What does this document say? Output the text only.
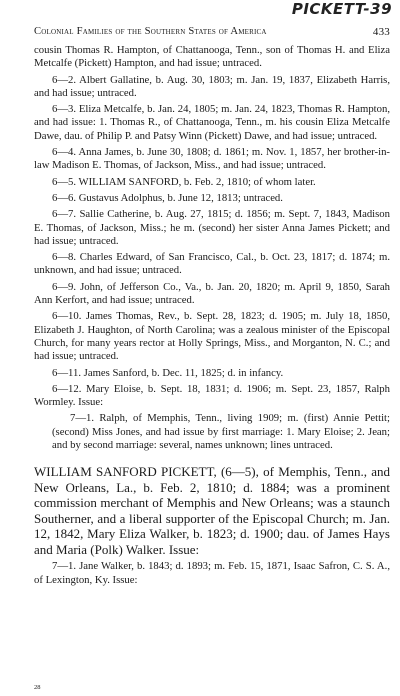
PICKETT-39
Colonial Families of the Southern States of America	433

cousin Thomas R. Hampton, of Chattanooga, Tenn., son of Thomas H. and Eliza Metcalfe (Pickett) Hampton, and had issue; untraced.

6—2. Albert Gallatine, b. Aug. 30, 1803; m. Jan. 19, 1837, Elizabeth Harris, and had issue; untraced.

6—3. Eliza Metcalfe, b. Jan. 24, 1805; m. Jan. 24, 1823, Thomas R. Hampton, and had issue: 1. Thomas R., of Chattanooga, Tenn., m. his cousin Eliza Metcalfe Dawe, dau. of Philip P. and Patsy Winn (Pickett) Dawe, and had issue; untraced.

6—4. Anna James, b. June 30, 1808; d. 1861; m. Nov. 1, 1857, her brother-in-law Madison E. Thomas, of Jackson, Miss., and had issue; untraced.

6—5. WILLIAM SANFORD, b. Feb. 2, 1810; of whom later.

6—6. Gustavus Adolphus, b. June 12, 1813; untraced.

6—7. Sallie Catherine, b. Aug. 27, 1815; d. 1856; m. Sept. 7, 1843, Madison E. Thomas, of Jackson, Miss.; he m. (second) her sister Anna James Pickett; and had issue; untraced.

6—8. Charles Edward, of San Francisco, Cal., b. Oct. 23, 1817; d. 1874; m. unknown, and had issue; untraced.

6—9. John, of Jefferson Co., Va., b. Jan. 20, 1820; m. April 9, 1850, Sarah Ann Kerfort, and had issue; untraced.

6—10. James Thomas, Rev., b. Sept. 28, 1823; d. 1905; m. July 18, 1850, Elizabeth J. Haughton, of North Carolina; was a zealous minister of the Episcopal Church, for many years rector at Holly Springs, Miss., and Morganton, N. C.; and had issue; untraced.

6—11. James Sanford, b. Dec. 11, 1825; d. in infancy.

6—12. Mary Eloise, b. Sept. 18, 1831; d. 1906; m. Sept. 23, 1857, Ralph Wormley. Issue:

7—1. Ralph, of Memphis, Tenn., living 1909; m. (first) Annie Pettit; (second) Miss Jones, and had issue by first marriage: 1. Mary Eloise; 2. Jean; and by second marriage: several, names unknown; lines untraced.

WILLIAM SANFORD PICKETT, (6—5), of Memphis, Tenn., and New Orleans, La., b. Feb. 2, 1810; d. 1884; was a prominent commission merchant of Memphis and New Orleans; was a staunch Southerner, and a liberal supporter of the Episcopal Church; m. Jan. 12, 1842, Mary Eliza Walker, b. 1823; d. 1900; dau. of James Hays and Maria (Polk) Walker. Issue:

7—1. Jane Walker, b. 1843; d. 1893; m. Feb. 15, 1871, Isaac Safron, C. S. A., of Lexington, Ky. Issue:

28
